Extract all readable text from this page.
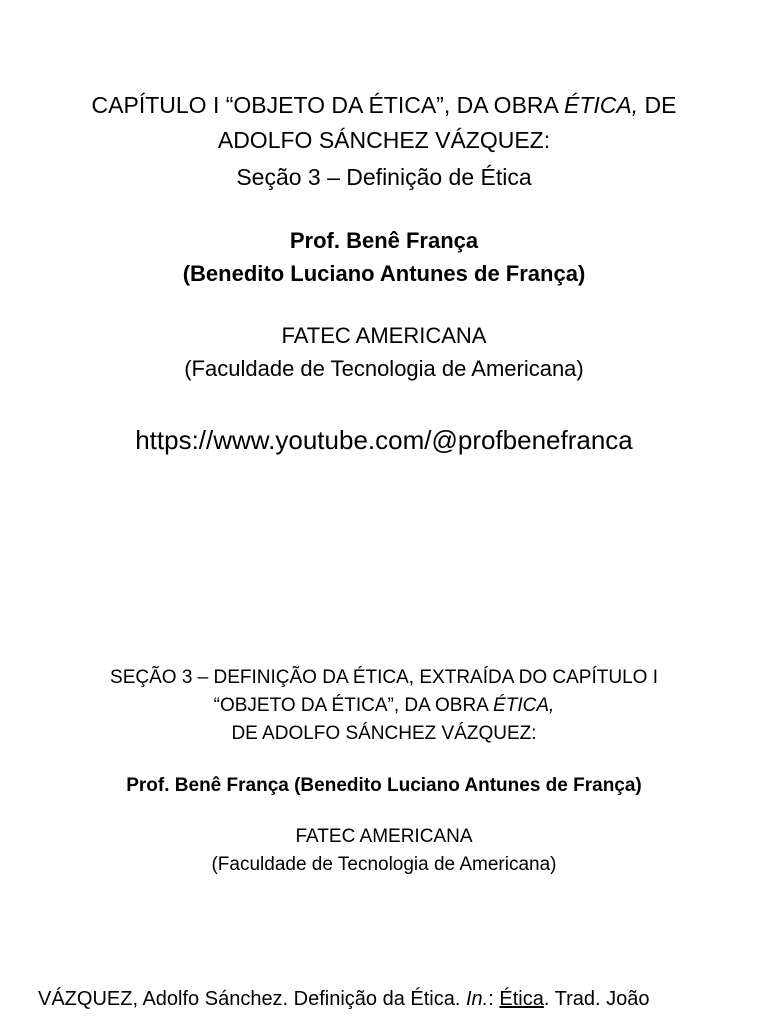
CAPÍTULO I “OBJETO DA ÉTICA”, DA OBRA ÉTICA, DE
ADOLFO SÁNCHEZ VÁZQUEZ:
Seção 3 – Definição de Ética
Prof. Benê França
(Benedito Luciano Antunes de França)
FATEC AMERICANA
(Faculdade de Tecnologia de Americana)
https://www.youtube.com/@profbenefranca
SEÇÃO 3 – DEFINIÇÃO DA ÉTICA, EXTRAÍDA DO CAPÍTULO I
“OBJETO DA ÉTICA”, DA OBRA ÉTICA,
DE ADOLFO SÁNCHEZ VÁZQUEZ:
Prof. Benê França (Benedito Luciano Antunes de França)
FATEC AMERICANA
(Faculdade de Tecnologia de Americana)
VÁZQUEZ, Adolfo Sánchez. Definição da Ética. In.: Ética. Trad. João
